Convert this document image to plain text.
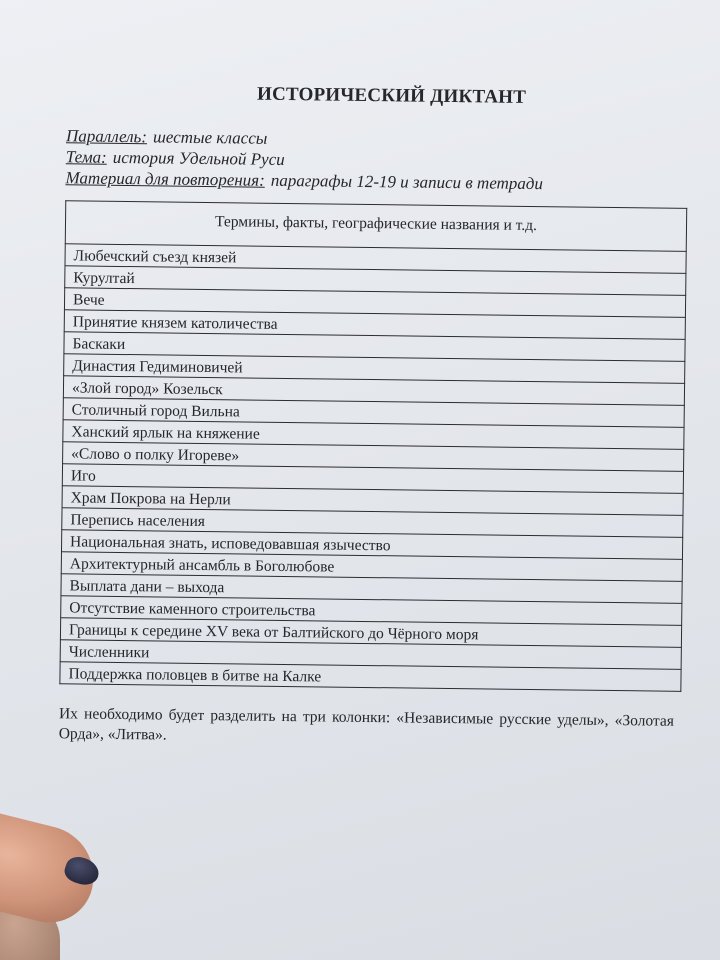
ИСТОРИЧЕСКИЙ ДИКТАНТ
Параллель: шестые классы
Тема: история Удельной Руси
Материал для повторения: параграфы 12-19 и записи в тетради
Термины, факты, географические названия и т.д.
Любечский съезд князей
Курултай
Вече
Принятие князем католичества
Баскаки
Династия Гедиминовичей
«Злой город» Козельск
Столичный город Вильна
Ханский ярлык на княжение
«Слово о полку Игореве»
Иго
Храм Покрова на Нерли
Перепись населения
Национальная знать, исповедовавшая язычество
Архитектурный ансамбль в Боголюбове
Выплата дани – выхода
Отсутствие каменного строительства
Границы к середине XV века от Балтийского до Чёрного моря
Численники
Поддержка половцев в битве на Калке
Их необходимо будет разделить на три колонки: «Независимые русские уделы», «Золотая Орда», «Литва».
